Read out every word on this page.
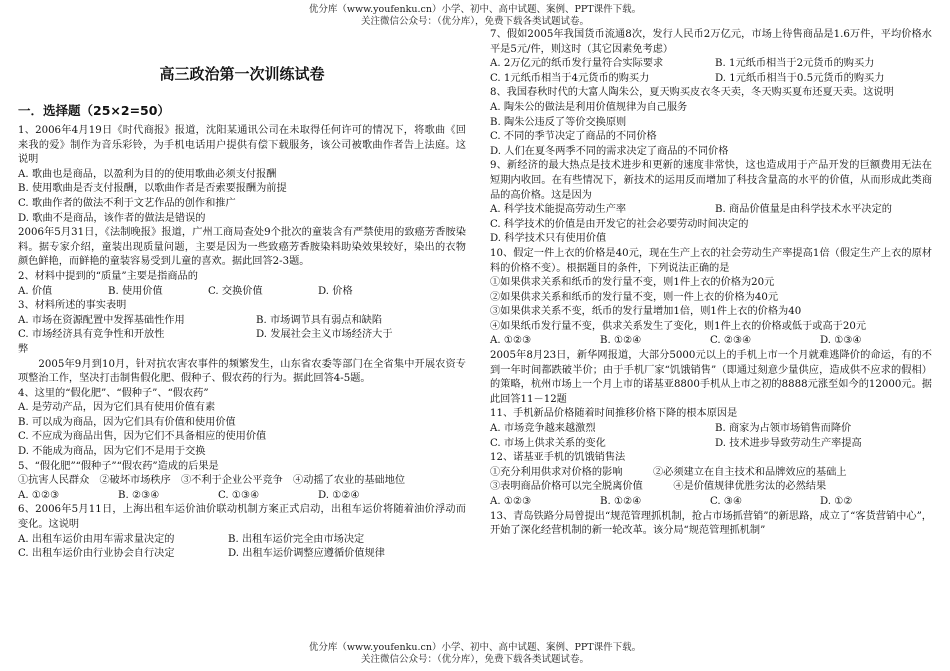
优分库（www.youfenku.cn）小学、初中、高中试题、案例、PPT课件下载。
关注微信公众号：（优分库），免费下载各类试题试卷。
高三政治第一次训练试卷
一．选择题（25×2=50）

1、2006年4月19日《时代商报》报道，沈阳某通讯公司在未取得任何许可的情况下，将歌曲《回来我的爱》制作为音乐彩铃，为手机电话用户提供有偿下载服务，该公司被歌曲作者告上法庭。这说明

A. 歌曲也是商品，以盈利为目的的使用歌曲必须支付报酬

B. 使用歌曲是否支付报酬，以歌曲作者是否索要报酬为前提

C. 歌曲作者的做法不利于文艺作品的创作和推广

D. 歌曲不是商品，该作者的做法是错误的

2006年5月31日，《法制晚报》报道，广州工商局查处9个批次的童装含有严禁使用的致癌芳香胺染料。据专家介绍，童装出现质量问题，主要是因为一些致癌芳香胺染料助染效果较好，染出的衣物颜色鲜艳，而鲜艳的童装容易受到儿童的喜欢。据此回答2-3题。

2、材料中提到的“质量”主要是指商品的

A. 价值	B. 使用价值	C. 交换价值	D. 价格

3、材料所述的事实表明

A. 市场在资源配置中发挥基础性作用	B. 市场调节具有弱点和缺陷
C. 市场经济具有竞争性和开放性	D. 发展社会主义市场经济大于

弊

2005年9月到10月，针对抗农害农事件的频繁发生，山东省农委等部门在全省集中开展农资专项整治工作，坚决打击制售假化肥、假种子、假农药的行为。据此回答4-5题。

4、这里的“假化肥”、“假种子”、“假农药”

A. 是劳动产品，因为它们具有使用价值有素

B. 可以成为商品，因为它们具有价值和使用价值

C. 不应成为商品出售，因为它们不具备相应的使用价值

D. 不能成为商品，因为它们不是用于交换

5、“假化肥”“假种子”“假农药”造成的后果是

①抗害人民群众　②破坏市场秩序　③不利于企业公平竞争　④动摇了农业的基础地位

A. ①②③	B. ②③④	C. ①③④	D. ①②④

6、2006年5月11日，上海出租车运价油价联动机制方案正式启动，出租车运价将随着油价浮动而变化。这说明

A. 出租车运价由用车需求量决定的	B. 出租车运价完全由市场决定
C. 出租车运价由行业协会自行决定	D. 出租车运价调整应遵循价值规律

7、假如2005年我国货币流通8次，发行人民币2万亿元，市场上待售商品是1.6万件，平均价格水平是5元/件，则这时（其它因素免考虑）

A. 2万亿元的纸币发行量符合实际要求	B. 1元纸币相当于2元货币的购买力
C. 1元纸币相当于4元货币的购买力	D. 1元纸币相当于0.5元货币的购买力

8、我国春秋时代的大富人陶朱公，夏天购买皮衣冬天卖，冬天购买夏布还夏天卖。这说明

A. 陶朱公的做法是利用价值规律为自己服务

B. 陶朱公违反了等价交换原则

C. 不同的季节决定了商品的不同价格

D. 人们在夏冬两季不同的需求决定了商品的不同价格

9、新经济的最大热点是技术进步和更新的速度非常快，这也造成用于产品开发的巨额费用无法在短期内收回。在有些情况下，新技术的运用反而增加了科技含量高的水平的价值，从而形成此类商品的高价格。这是因为

A. 科学技术能提高劳动生产率	B. 商品价值量是由科学技术水平决定的

C. 科学技术的价值是由开发它的社会必要劳动时间决定的

D. 科学技术只有使用价值

10、假定一件上衣的价格是40元，现在生产上衣的社会劳动生产率提高1倍（假定生产上衣的原材料的价格不变）。根据题目的条件，下列说法正确的是

①如果供求关系和纸币的发行量不变，则1件上衣的价格为20元

②如果供求关系和纸币的发行量不变，则一件上衣的价格为40元

③如果供求关系不变，纸币的发行量增加1倍，则1件上衣的价格为40

④如果纸币发行量不变，供求关系发生了变化，则1件上衣的价格或低于或高于20元

A. ①②③	B. ①②④	C. ②③④	D. ①③④

2005年8月23日，新华网报道，大部分5000元以上的手机上市一个月就难逃降价的命运，有的不到一年时间都跌破半价；由于手机厂家“饥饿销售”（即通过刻意少量供应，造成供不应求的假相）的策略，杭州市场上一个月上市的诺基亚8800手机从上市之初的8888元涨至如今的12000元。据此回答11－12题

11、手机新品价格随着时间推移价格下降的根本原因是

A. 市场竞争越来越激烈	B. 商家为占领市场销售而降价
C. 市场上供求关系的变化	D. 技术进步导致劳动生产率提高

12、诺基亚手机的饥饿销售法

①充分利用供求对价格的影响　　　②必须建立在自主技术和品牌效应的基础上

③表明商品价格可以完全脱离价值　　　④是价值规律优胜劣汰的必然结果

A. ①②③	B. ①②④	C. ③④	D. ①②

13、青岛铁路分局曾提出“规范管理抓机制，抢占市场抓营销”的新思路，成立了“客货营销中心”，开始了深化经营机制的新一轮改革。该分局“规范管理抓机制”

优分库（www.youfenku.cn）小学、初中、高中试题、案例、PPT课件下载。
关注微信公众号：（优分库），免费下载各类试题试卷。
